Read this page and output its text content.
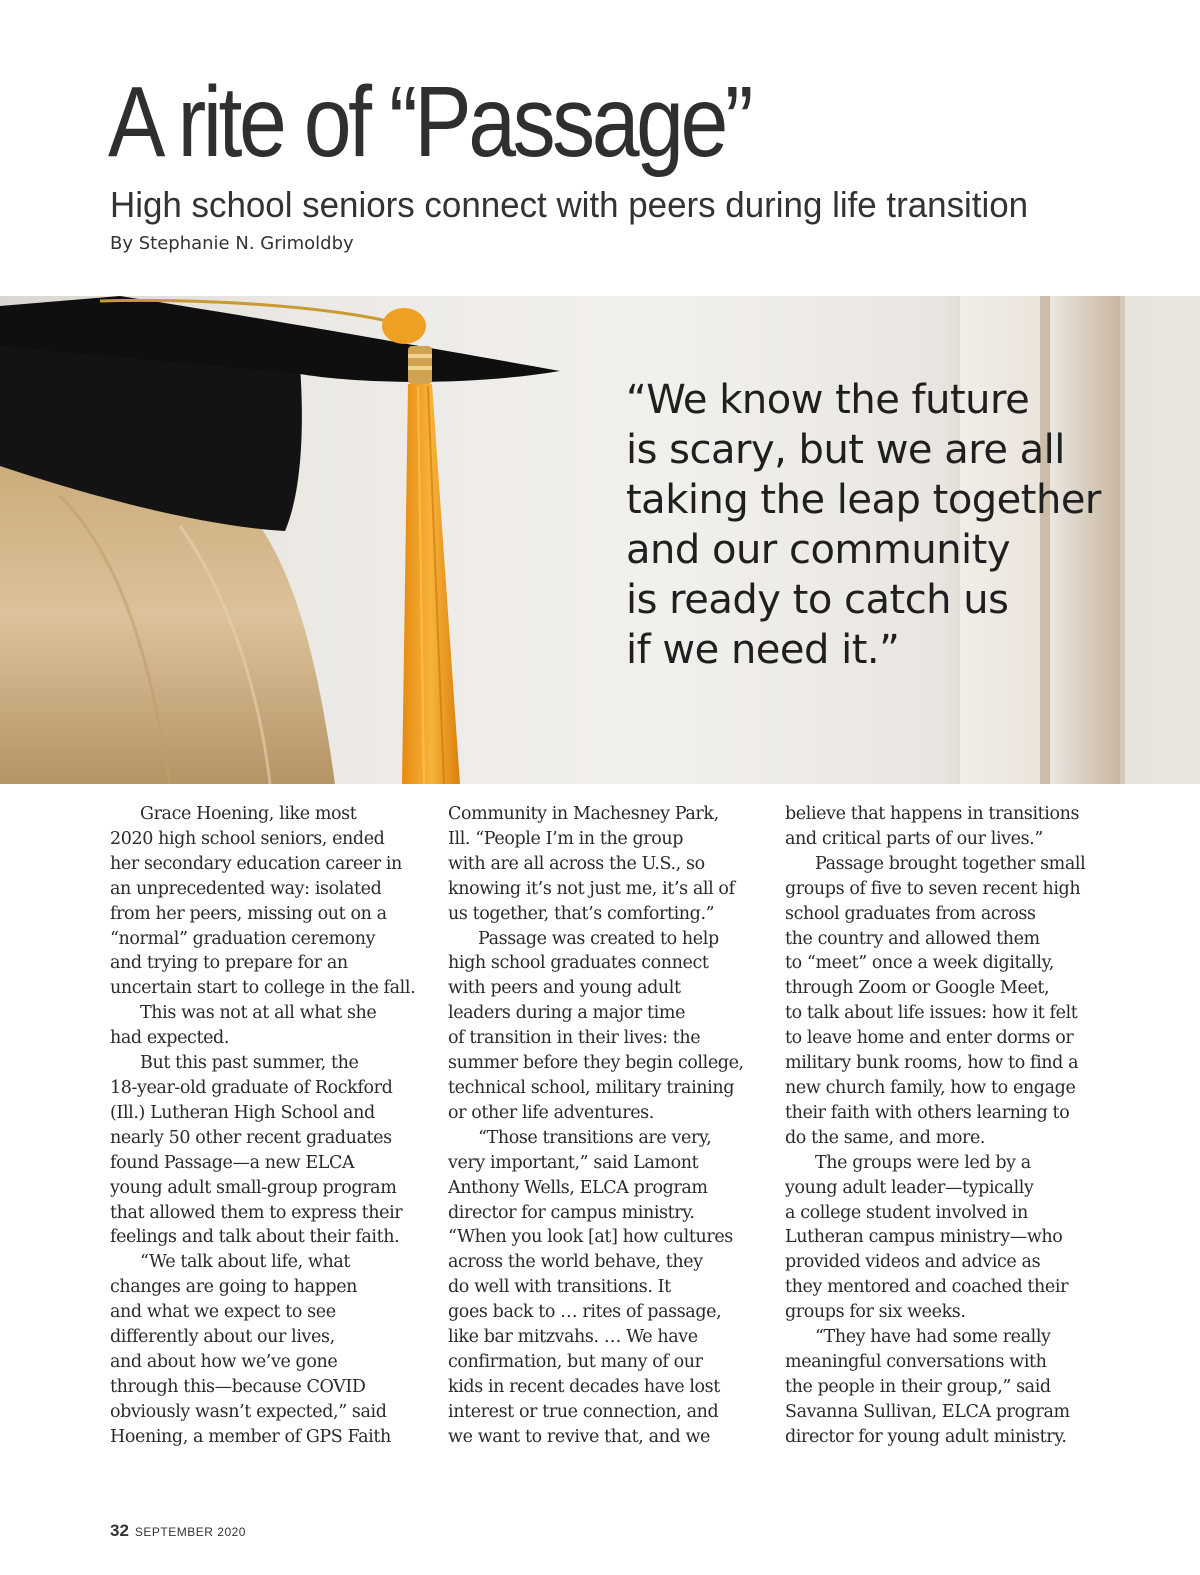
A rite of “Passage”
High school seniors connect with peers during life transition
By Stephanie N. Grimoldby
“We know the future
is scary, but we are all
taking the leap together
and our community
is ready to catch us
if we need it.”
Grace Hoening, like most
2020 high school seniors, ended
her secondary education career in
an unprecedented way: isolated
from her peers, missing out on a
“normal” graduation ceremony
and trying to prepare for an
uncertain start to college in the fall.
This was not at all what she
had expected.
But this past summer, the
18-year-old graduate of Rockford
(Ill.) Lutheran High School and
nearly 50 other recent graduates
found Passage—a new ELCA
young adult small-group program
that allowed them to express their
feelings and talk about their faith.
“We talk about life, what
changes are going to happen
and what we expect to see
differently about our lives,
and about how we’ve gone
through this—because COVID
obviously wasn’t expected,” said
Hoening, a member of GPS Faith
Community in Machesney Park,
Ill. “People I’m in the group
with are all across the U.S., so
knowing it’s not just me, it’s all of
us together, that’s comforting.”
Passage was created to help
high school graduates connect
with peers and young adult
leaders during a major time
of transition in their lives: the
summer before they begin college,
technical school, military training
or other life adventures.
“Those transitions are very,
very important,” said Lamont
Anthony Wells, ELCA program
director for campus ministry.
“When you look [at] how cultures
across the world behave, they
do well with transitions. It
goes back to … rites of passage,
like bar mitzvahs. … We have
confirmation, but many of our
kids in recent decades have lost
interest or true connection, and
we want to revive that, and we
believe that happens in transitions
and critical parts of our lives.”
Passage brought together small
groups of five to seven recent high
school graduates from across
the country and allowed them
to “meet” once a week digitally,
through Zoom or Google Meet,
to talk about life issues: how it felt
to leave home and enter dorms or
military bunk rooms, how to find a
new church family, how to engage
their faith with others learning to
do the same, and more.
The groups were led by a
young adult leader—typically
a college student involved in
Lutheran campus ministry—who
provided videos and advice as
they mentored and coached their
groups for six weeks.
“They have had some really
meaningful conversations with
the people in their group,” said
Savanna Sullivan, ELCA program
director for young adult ministry.
32 SEPTEMBER 2020
